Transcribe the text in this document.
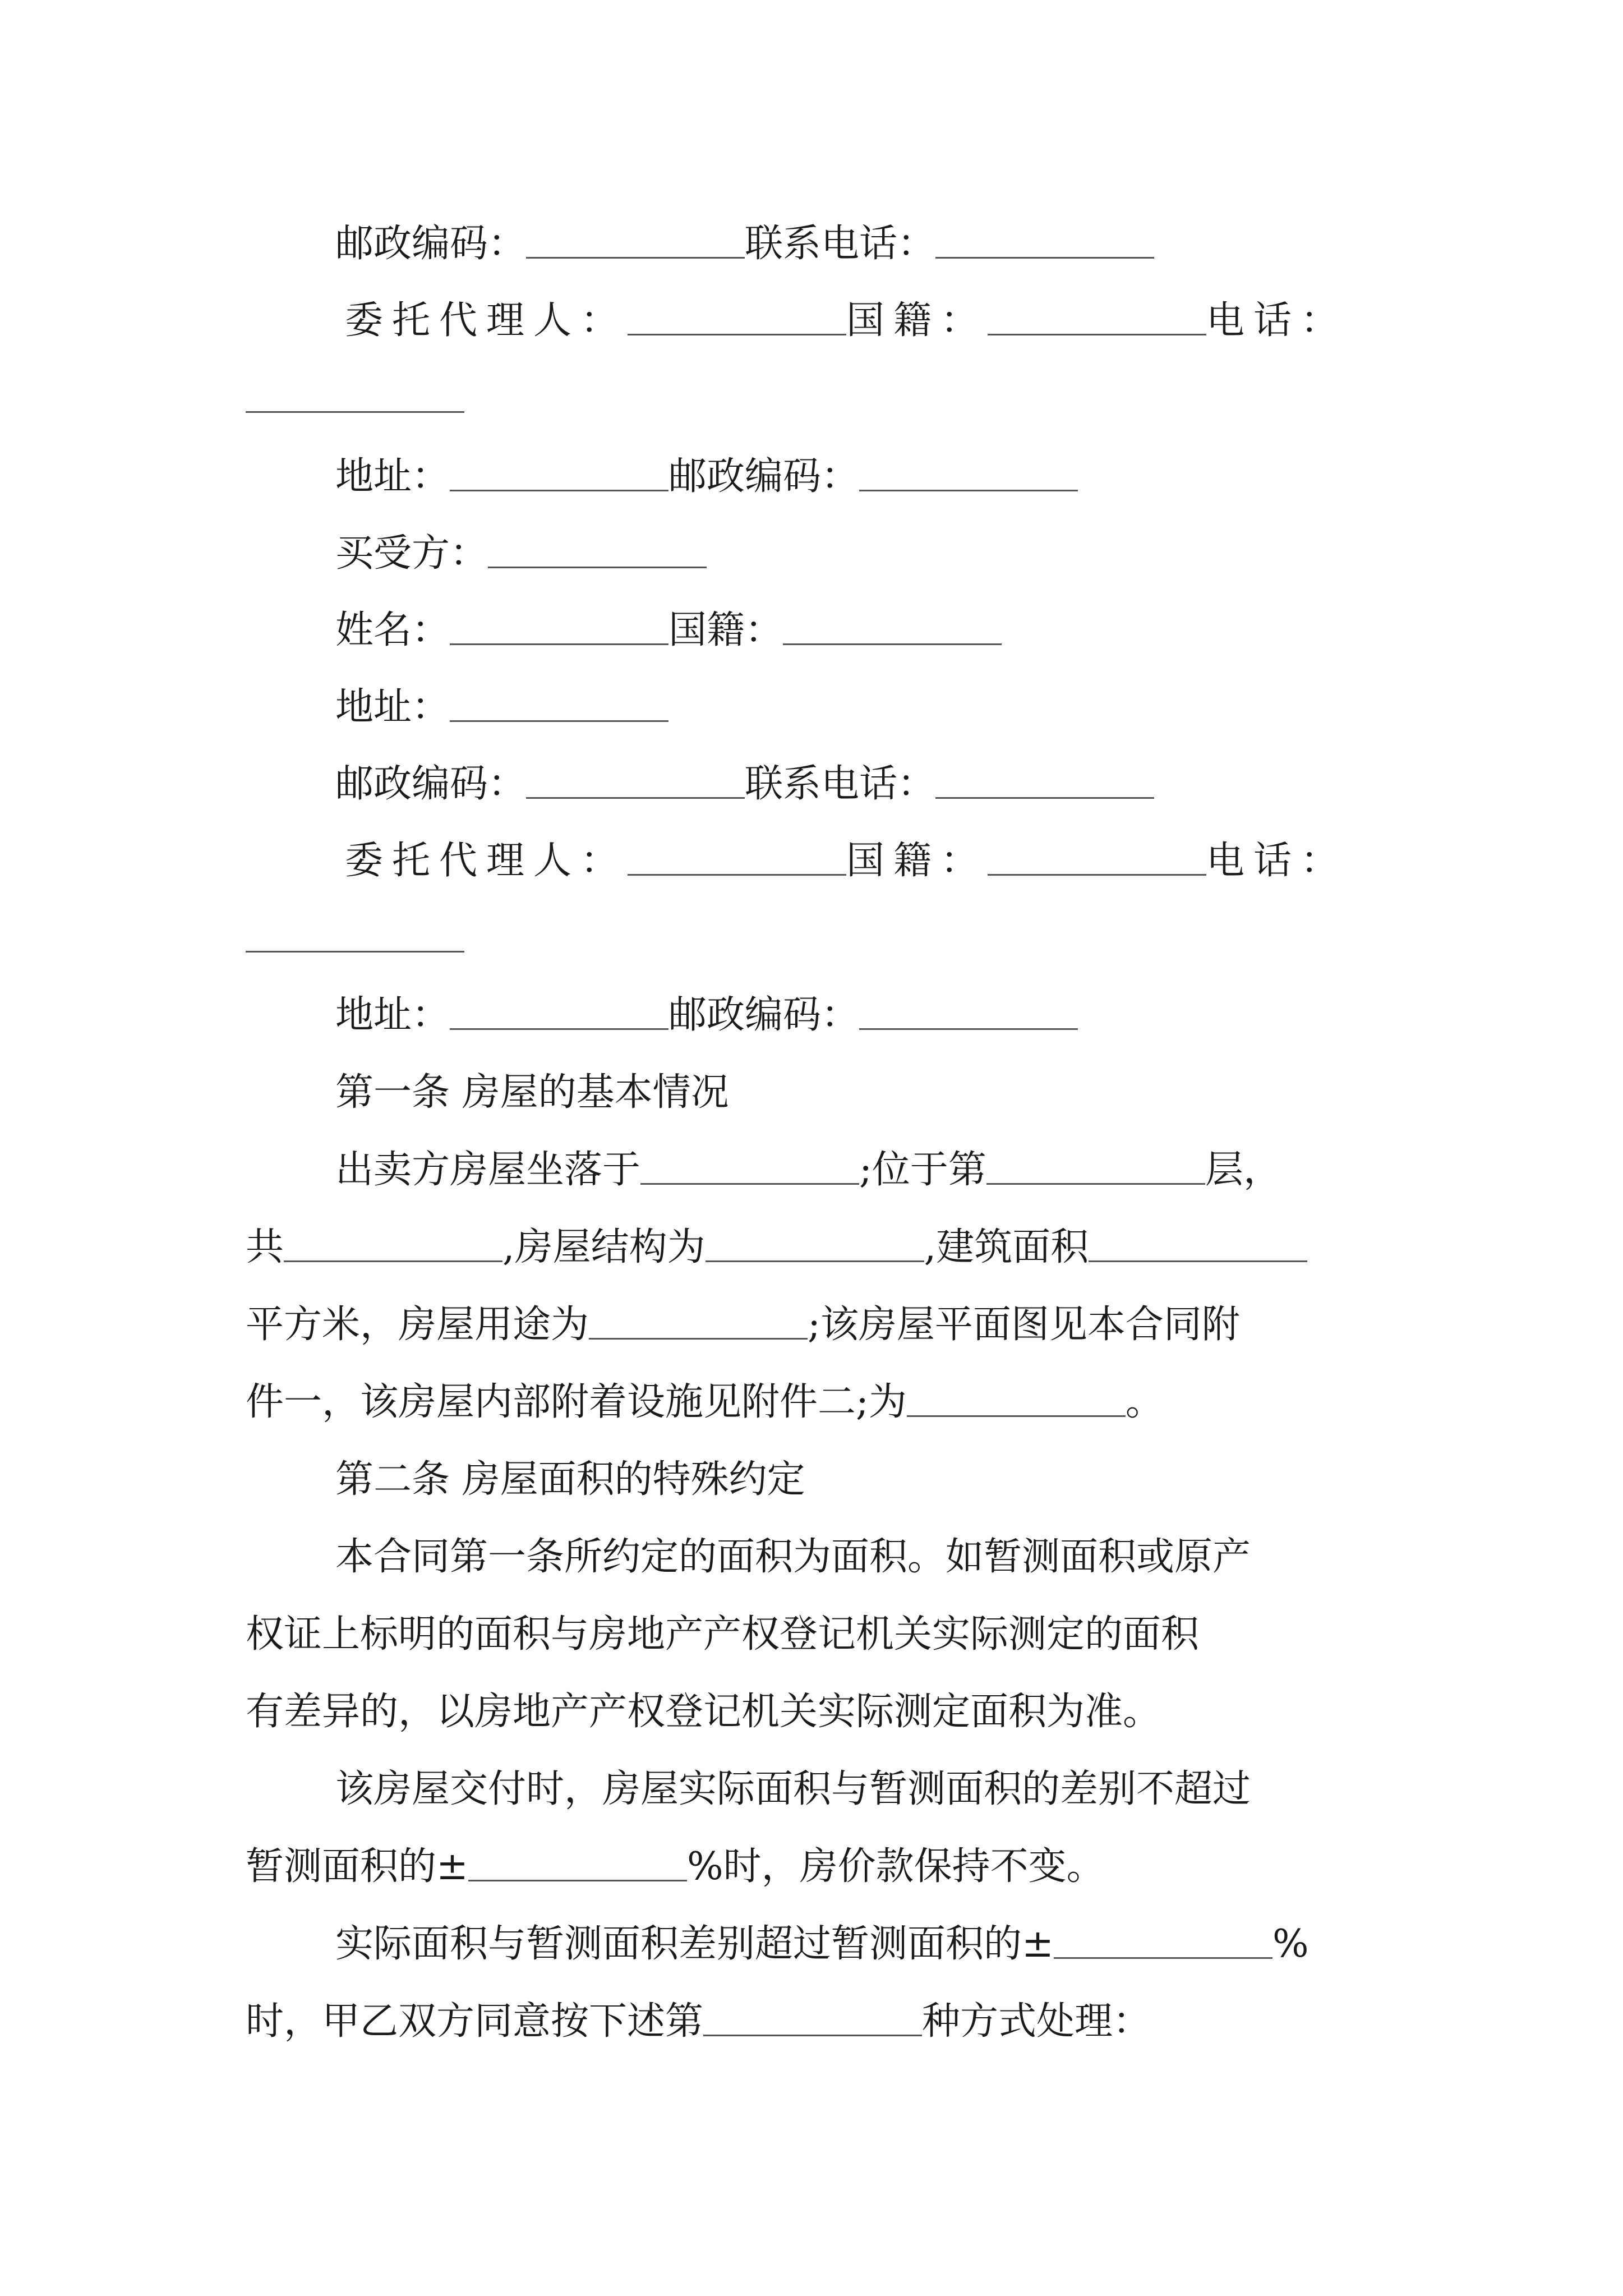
邮政编码：	联系电话：
委托代理人：	国籍：	电话：
地址：	邮政编码：
买受方：
姓名：	国籍：
地址：
邮政编码：	联系电话：
委托代理人：	国籍：	电话：
地址：	邮政编码：
第一条 房屋的基本情况
出卖方房屋坐落于	;位于第	层，
共	,房屋结构为	,建筑面积
平方米，房屋用途为	;该房屋平面图见本合同附
件一，该房屋内部附着设施见附件二;为	。
第二条 房屋面积的特殊约定
本合同第一条所约定的面积为面积。如暂测面积或原产
权证上标明的面积与房地产产权登记机关实际测定的面积
有差异的，以房地产产权登记机关实际测定面积为准。
该房屋交付时，房屋实际面积与暂测面积的差别不超过
暂测面积的±	%时，房价款保持不变。
实际面积与暂测面积差别超过暂测面积的±	%
时，甲乙双方同意按下述第	种方式处理：
